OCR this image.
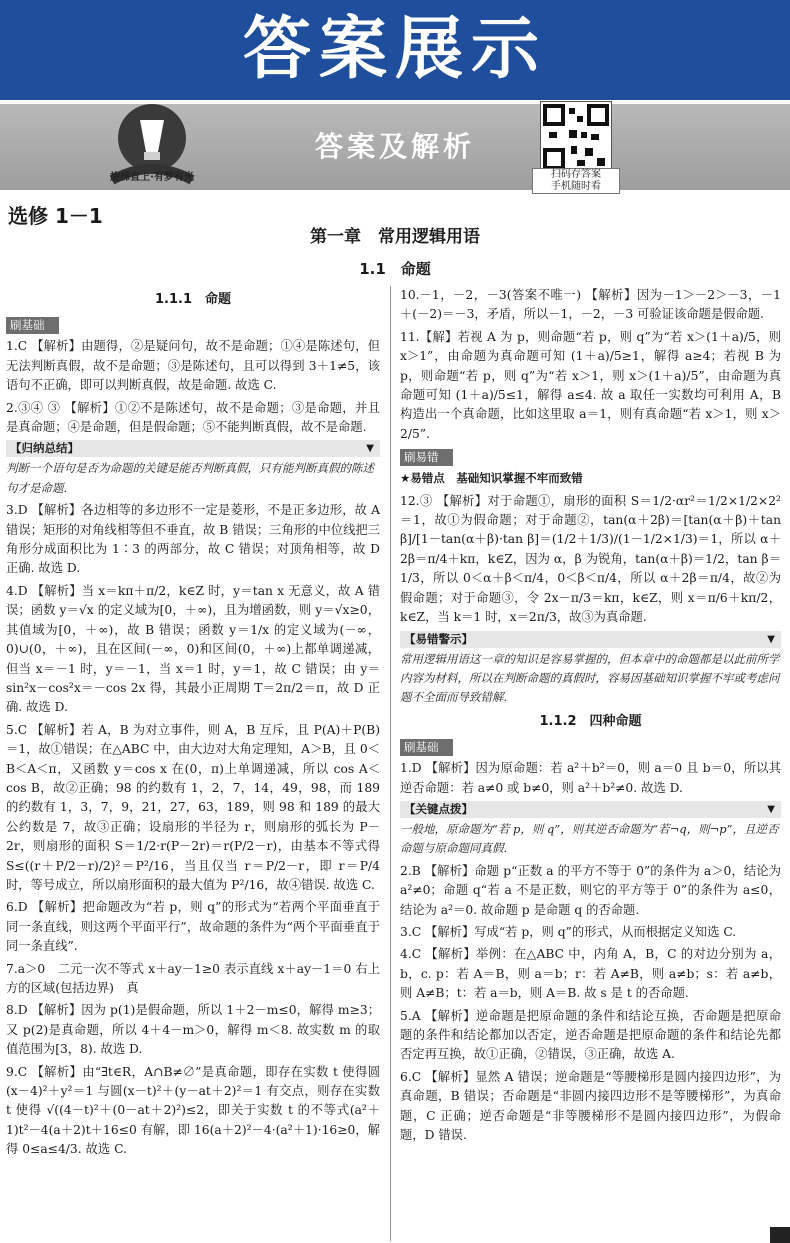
答案展示
答案及解析
旋梯直上·有梦有光	扫码存答案
手机随时看
选修 1－1
第一章　常用逻辑用语
1.1　命题
1.1.1　命题
刷基础

1.C 【解析】由题得，②是疑问句，故不是命题；①④是陈述句，但无法判断真假，故不是命题；③是陈述句，且可以得到 3＋1≠5，该语句不正确，即可以判断真假，故是命题. 故选 C.

2.③④ ③ 【解析】①②不是陈述句，故不是命题；③是命题，并且是真命题；④是命题，但是假命题；⑤不能判断真假，故不是命题.

【归纳总结】 ▼

判断一个语句是否为命题的关键是能否判断真假，只有能判断真假的陈述句才是命题.

3.D 【解析】各边相等的多边形不一定是菱形，不是正多边形，故 A 错误；矩形的对角线相等但不垂直，故 B 错误；三角形的中位线把三角形分成面积比为 1∶3 的两部分，故 C 错误；对顶角相等，故 D 正确. 故选 D.

4.D 【解析】当 x＝kπ＋π/2，k∈Z 时，y＝tan x 无意义，故 A 错误；函数 y＝√x 的定义域为[0，＋∞)，且为增函数，则 y＝√x≥0，其值域为[0，＋∞)，故 B 错误；函数 y＝1/x 的定义域为(－∞，0)∪(0，＋∞)，且在区间(－∞，0)和区间(0，＋∞)上都单调递减，但当 x＝－1 时，y＝－1，当 x＝1 时，y＝1，故 C 错误；由 y＝sin²x－cos²x＝－cos 2x 得，其最小正周期 T＝2π/2＝π，故 D 正确. 故选 D.

5.C 【解析】若 A，B 为对立事件，则 A，B 互斥，且 P(A)＋P(B)＝1，故①错误；在△ABC 中，由大边对大角定理知，A＞B，且 0＜B＜A＜π，又函数 y＝cos x 在(0，π)上单调递减，所以 cos A＜cos B，故②正确；98 的约数有 1，2，7，14，49，98，而 189 的约数有 1，3，7，9，21，27，63，189，则 98 和 189 的最大公约数是 7，故③正确；设扇形的半径为 r，则扇形的弧长为 P－2r，则扇形的面积 S＝1/2·r(P－2r)＝r(P/2－r)，由基本不等式得 S≤((r＋P/2－r)/2)²＝P²/16，当且仅当 r＝P/2－r，即 r＝P/4 时，等号成立，所以扇形面积的最大值为 P²/16，故④错误. 故选 C.

6.D 【解析】把命题改为“若 p，则 q”的形式为“若两个平面垂直于同一条直线，则这两个平面平行”，故命题的条件为“两个平面垂直于同一条直线”.

7.a＞0　二元一次不等式 x＋ay－1≥0 表示直线 x＋ay－1＝0 右上方的区域(包括边界)　真

8.D 【解析】因为 p(1)是假命题，所以 1＋2－m≤0，解得 m≥3；又 p(2)是真命题，所以 4＋4－m＞0，解得 m＜8. 故实数 m 的取值范围为[3，8). 故选 D.

9.C 【解析】由“∃t∈R，A∩B≠∅”是真命题，即存在实数 t 使得圆(x－4)²＋y²＝1 与圆(x－t)²＋(y－at＋2)²＝1 有交点，则存在实数 t 使得 √((4－t)²＋(0－at＋2)²)≤2，即关于实数 t 的不等式(a²＋1)t²－4(a＋2)t＋16≤0 有解，即 16(a＋2)²－4·(a²＋1)·16≥0，解得 0≤a≤4/3. 故选 C.

10.－1，－2，－3(答案不唯一) 【解析】因为－1＞－2＞－3，－1＋(－2)＝－3，矛盾，所以－1，－2，－3 可验证该命题是假命题.

11.【解】若视 A 为 p，则命题“若 p，则 q”为“若 x＞(1＋a)/5，则 x＞1”，由命题为真命题可知 (1＋a)/5≥1，解得 a≥4；若视 B 为 p，则命题“若 p，则 q”为“若 x＞1，则 x＞(1＋a)/5”，由命题为真命题可知 (1＋a)/5≤1，解得 a≤4. 故 a 取任一实数均可利用 A，B 构造出一个真命题，比如这里取 a＝1，则有真命题“若 x＞1，则 x＞2/5”.

刷易错

★易错点　基础知识掌握不牢而致错

12.③ 【解析】对于命题①，扇形的面积 S＝1/2·αr²＝1/2×1/2×2²＝1，故①为假命题；对于命题②，tan(α＋2β)＝[tan(α＋β)＋tan β]/[1－tan(α＋β)·tan β]＝(1/2＋1/3)/(1－1/2×1/3)＝1，所以 α＋2β＝π/4＋kπ，k∈Z，因为 α，β 为锐角，tan(α＋β)＝1/2，tan β＝1/3，所以 0＜α＋β＜π/4，0＜β＜π/4，所以 α＋2β＝π/4，故②为假命题；对于命题③，令 2x－π/3＝kπ，k∈Z，则 x＝π/6＋kπ/2，k∈Z，当 k＝1 时，x＝2π/3，故③为真命题.

【易错警示】 ▼

常用逻辑用语这一章的知识是容易掌握的，但本章中的命题都是以此前所学内容为材料，所以在判断命题的真假时，容易因基础知识掌握不牢或考虑问题不全面而导致错解.

1.1.2　四种命题
刷基础

1.D 【解析】因为原命题：若 a²＋b²＝0，则 a＝0 且 b＝0，所以其逆否命题：若 a≠0 或 b≠0，则 a²＋b²≠0. 故选 D.

【关键点拨】 ▼

一般地，原命题为“若 p，则 q”，则其逆否命题为“若¬q，则¬p”，且逆否命题与原命题同真假.

2.B 【解析】命题 p“正数 a 的平方不等于 0”的条件为 a＞0，结论为 a²≠0；命题 q“若 a 不是正数，则它的平方等于 0”的条件为 a≤0，结论为 a²＝0. 故命题 p 是命题 q 的否命题.

3.C 【解析】写成“若 p，则 q”的形式，从而根据定义知选 C.

4.C 【解析】举例：在△ABC 中，内角 A，B，C 的对边分别为 a，b，c. p：若 A＝B，则 a＝b；r：若 A≠B，则 a≠b；s：若 a≠b，则 A≠B；t：若 a＝b，则 A＝B. 故 s 是 t 的否命题.

5.A 【解析】逆命题是把原命题的条件和结论互换，否命题是把原命题的条件和结论都加以否定，逆否命题是把原命题的条件和结论先都否定再互换，故①正确，②错误，③正确，故选 A.

6.C 【解析】显然 A 错误；逆命题是“等腰梯形是圆内接四边形”，为真命题，B 错误；否命题是“非圆内接四边形不是等腰梯形”，为真命题，C 正确；逆否命题是“非等腰梯形不是圆内接四边形”，为假命题，D 错误.
